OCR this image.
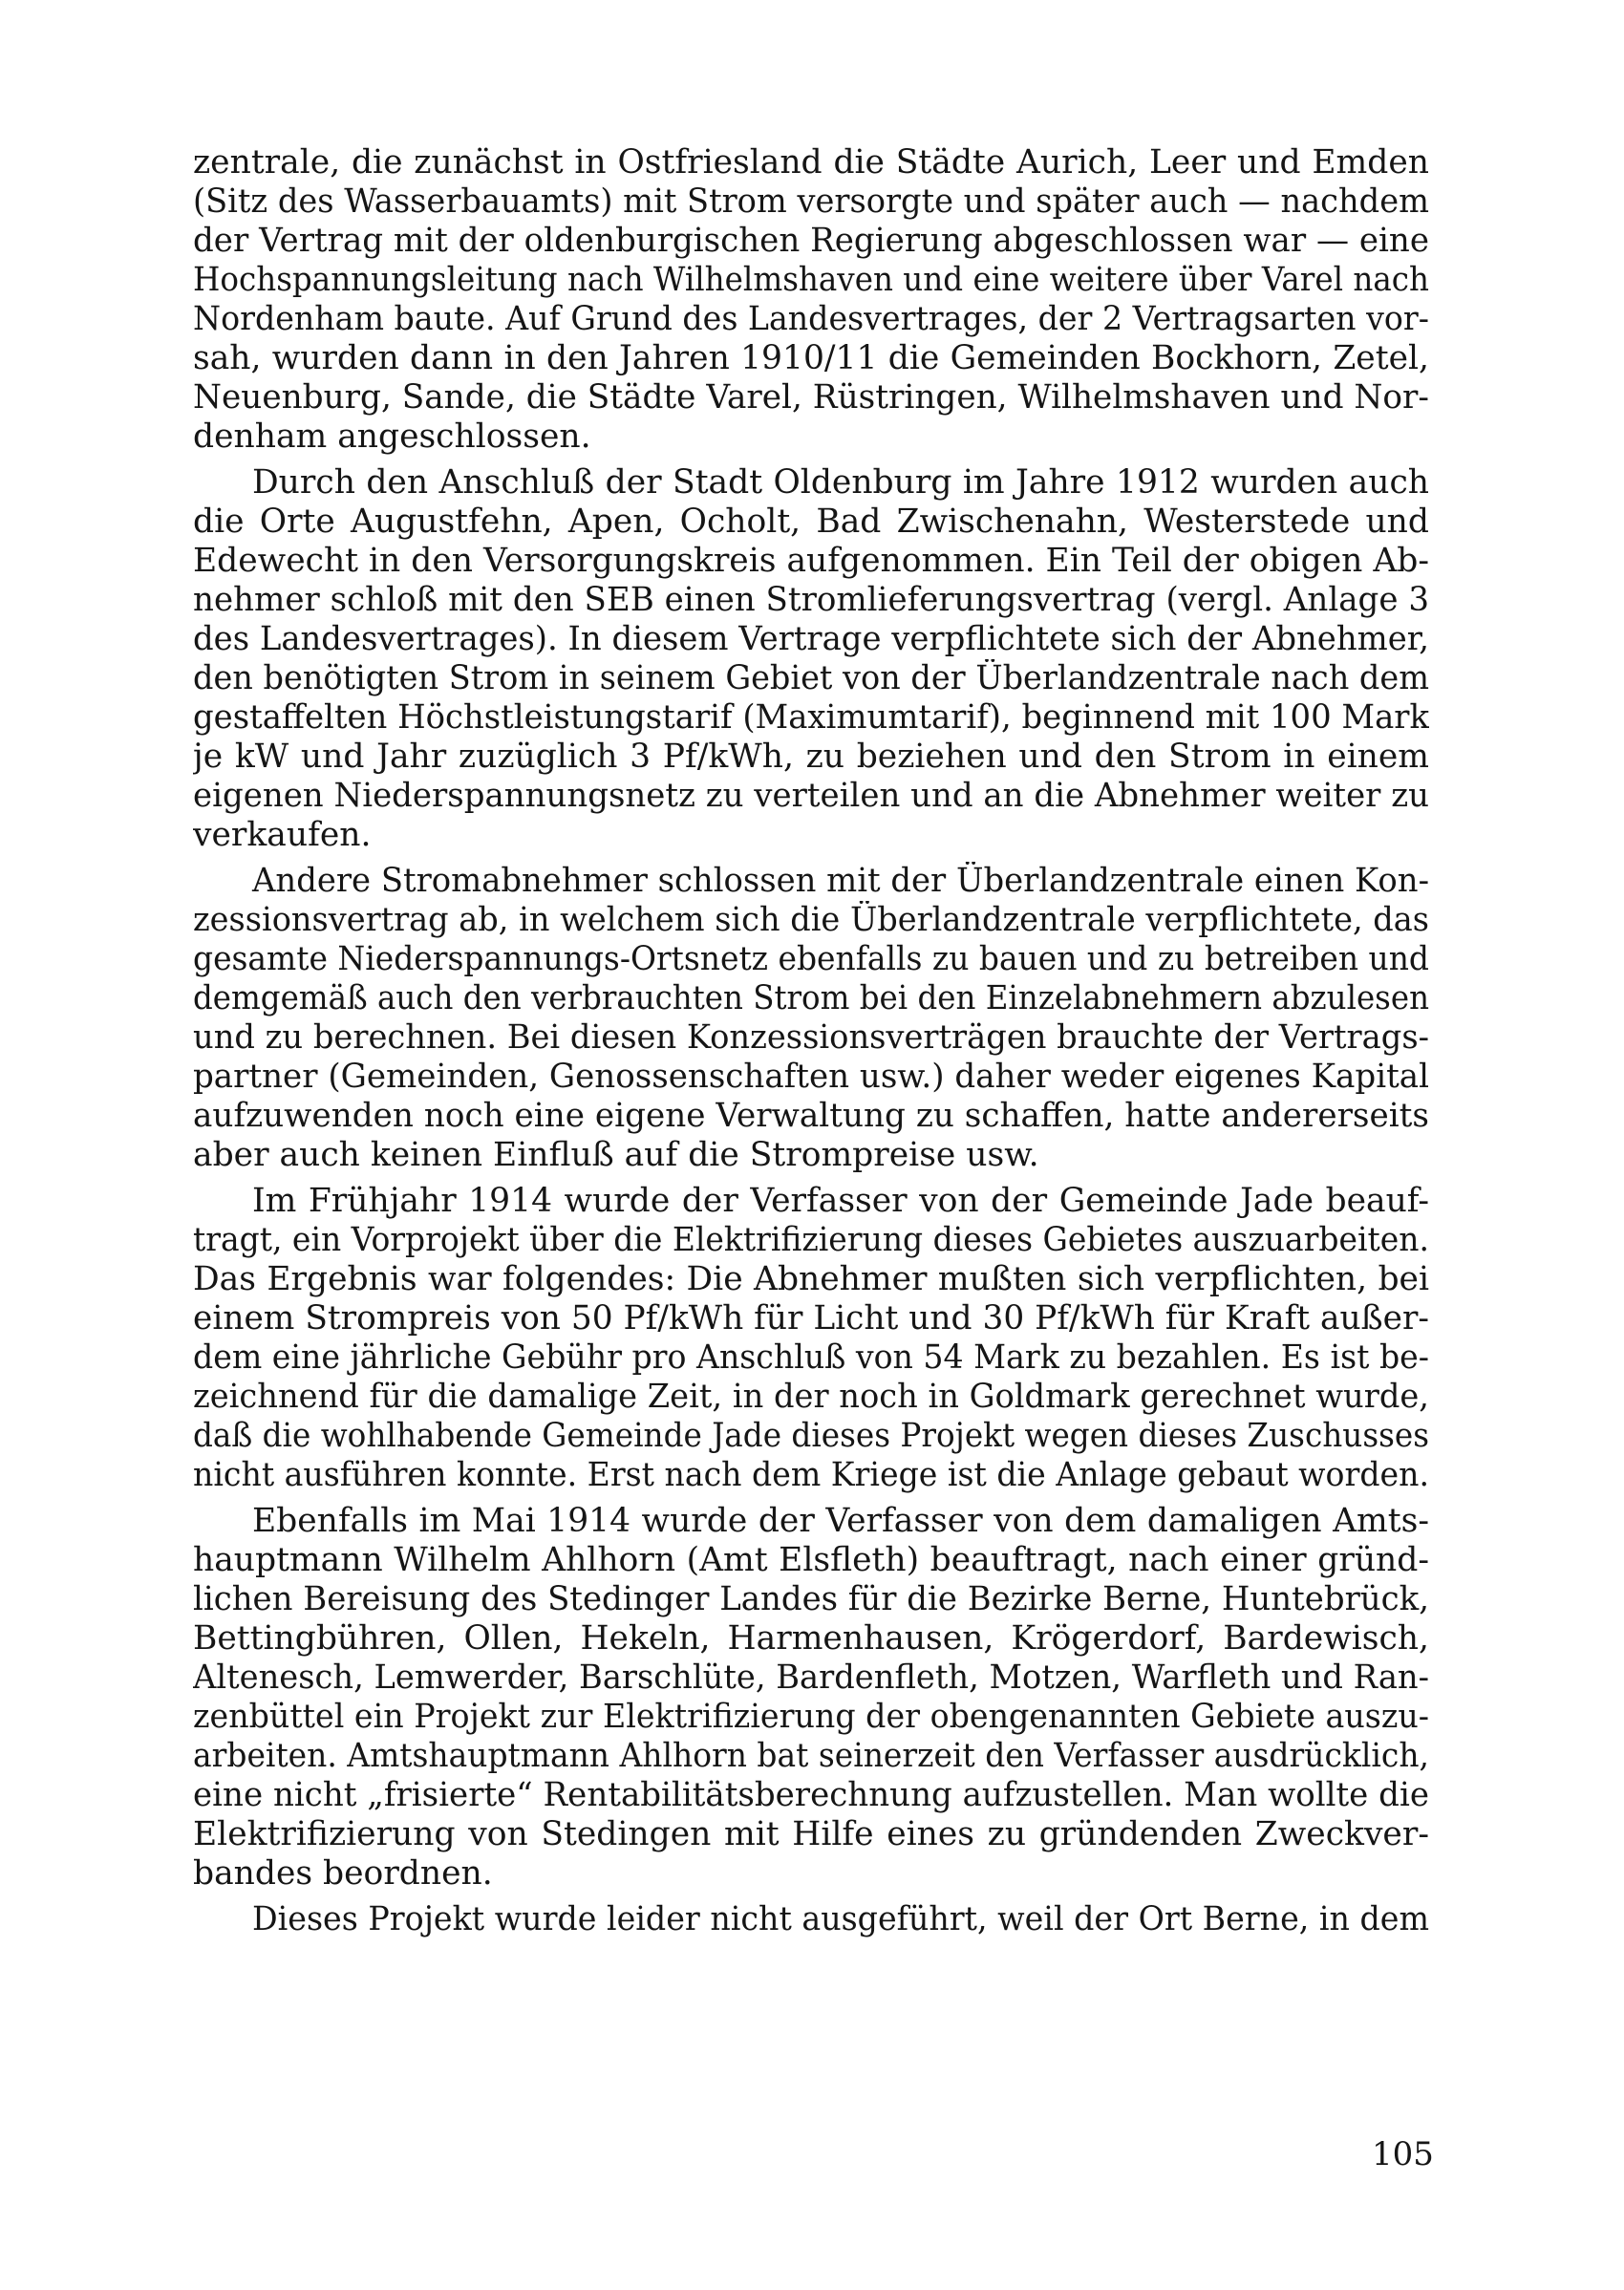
zentrale, die zunächst in Ostfriesland die Städte Aurich, Leer und Emden
(Sitz des Wasserbauamts) mit Strom versorgte und später auch — nachdem
der Vertrag mit der oldenburgischen Regierung abgeschlossen war — eine
Hochspannungsleitung nach Wilhelmshaven und eine weitere über Varel nach
Nordenham baute. Auf Grund des Landesvertrages, der 2 Vertragsarten vor-
sah, wurden dann in den Jahren 1910/11 die Gemeinden Bockhorn, Zetel,
Neuenburg, Sande, die Städte Varel, Rüstringen, Wilhelmshaven und Nor-
denham angeschlossen.
Durch den Anschluß der Stadt Oldenburg im Jahre 1912 wurden auch
die Orte Augustfehn, Apen, Ocholt, Bad Zwischenahn, Westerstede und
Edewecht in den Versorgungskreis aufgenommen. Ein Teil der obigen Ab-
nehmer schloß mit den SEB einen Stromlieferungsvertrag (vergl. Anlage 3
des Landesvertrages). In diesem Vertrage verpflichtete sich der Abnehmer,
den benötigten Strom in seinem Gebiet von der Überlandzentrale nach dem
gestaffelten Höchstleistungstarif (Maximumtarif), beginnend mit 100 Mark
je kW und Jahr zuzüglich 3 Pf/kWh, zu beziehen und den Strom in einem
eigenen Niederspannungsnetz zu verteilen und an die Abnehmer weiter zu
verkaufen.
Andere Stromabnehmer schlossen mit der Überlandzentrale einen Kon-
zessionsvertrag ab, in welchem sich die Überlandzentrale verpflichtete, das
gesamte Niederspannungs-Ortsnetz ebenfalls zu bauen und zu betreiben und
demgemäß auch den verbrauchten Strom bei den Einzelabnehmern abzulesen
und zu berechnen. Bei diesen Konzessionsverträgen brauchte der Vertrags-
partner (Gemeinden, Genossenschaften usw.) daher weder eigenes Kapital
aufzuwenden noch eine eigene Verwaltung zu schaffen, hatte andererseits
aber auch keinen Einfluß auf die Strompreise usw.
Im Frühjahr 1914 wurde der Verfasser von der Gemeinde Jade beauf-
tragt, ein Vorprojekt über die Elektrifizierung dieses Gebietes auszuarbeiten.
Das Ergebnis war folgendes: Die Abnehmer mußten sich verpflichten, bei
einem Strompreis von 50 Pf/kWh für Licht und 30 Pf/kWh für Kraft außer-
dem eine jährliche Gebühr pro Anschluß von 54 Mark zu bezahlen. Es ist be-
zeichnend für die damalige Zeit, in der noch in Goldmark gerechnet wurde,
daß die wohlhabende Gemeinde Jade dieses Projekt wegen dieses Zuschusses
nicht ausführen konnte. Erst nach dem Kriege ist die Anlage gebaut worden.
Ebenfalls im Mai 1914 wurde der Verfasser von dem damaligen Amts-
hauptmann Wilhelm Ahlhorn (Amt Elsfleth) beauftragt, nach einer gründ-
lichen Bereisung des Stedinger Landes für die Bezirke Berne, Huntebrück,
Bettingbühren, Ollen, Hekeln, Harmenhausen, Krögerdorf, Bardewisch,
Altenesch, Lemwerder, Barschlüte, Bardenfleth, Motzen, Warfleth und Ran-
zenbüttel ein Projekt zur Elektrifizierung der obengenannten Gebiete auszu-
arbeiten. Amtshauptmann Ahlhorn bat seinerzeit den Verfasser ausdrücklich,
eine nicht „frisierte“ Rentabilitätsberechnung aufzustellen. Man wollte die
Elektrifizierung von Stedingen mit Hilfe eines zu gründenden Zweckver-
bandes beordnen.
Dieses Projekt wurde leider nicht ausgeführt, weil der Ort Berne, in dem
105
